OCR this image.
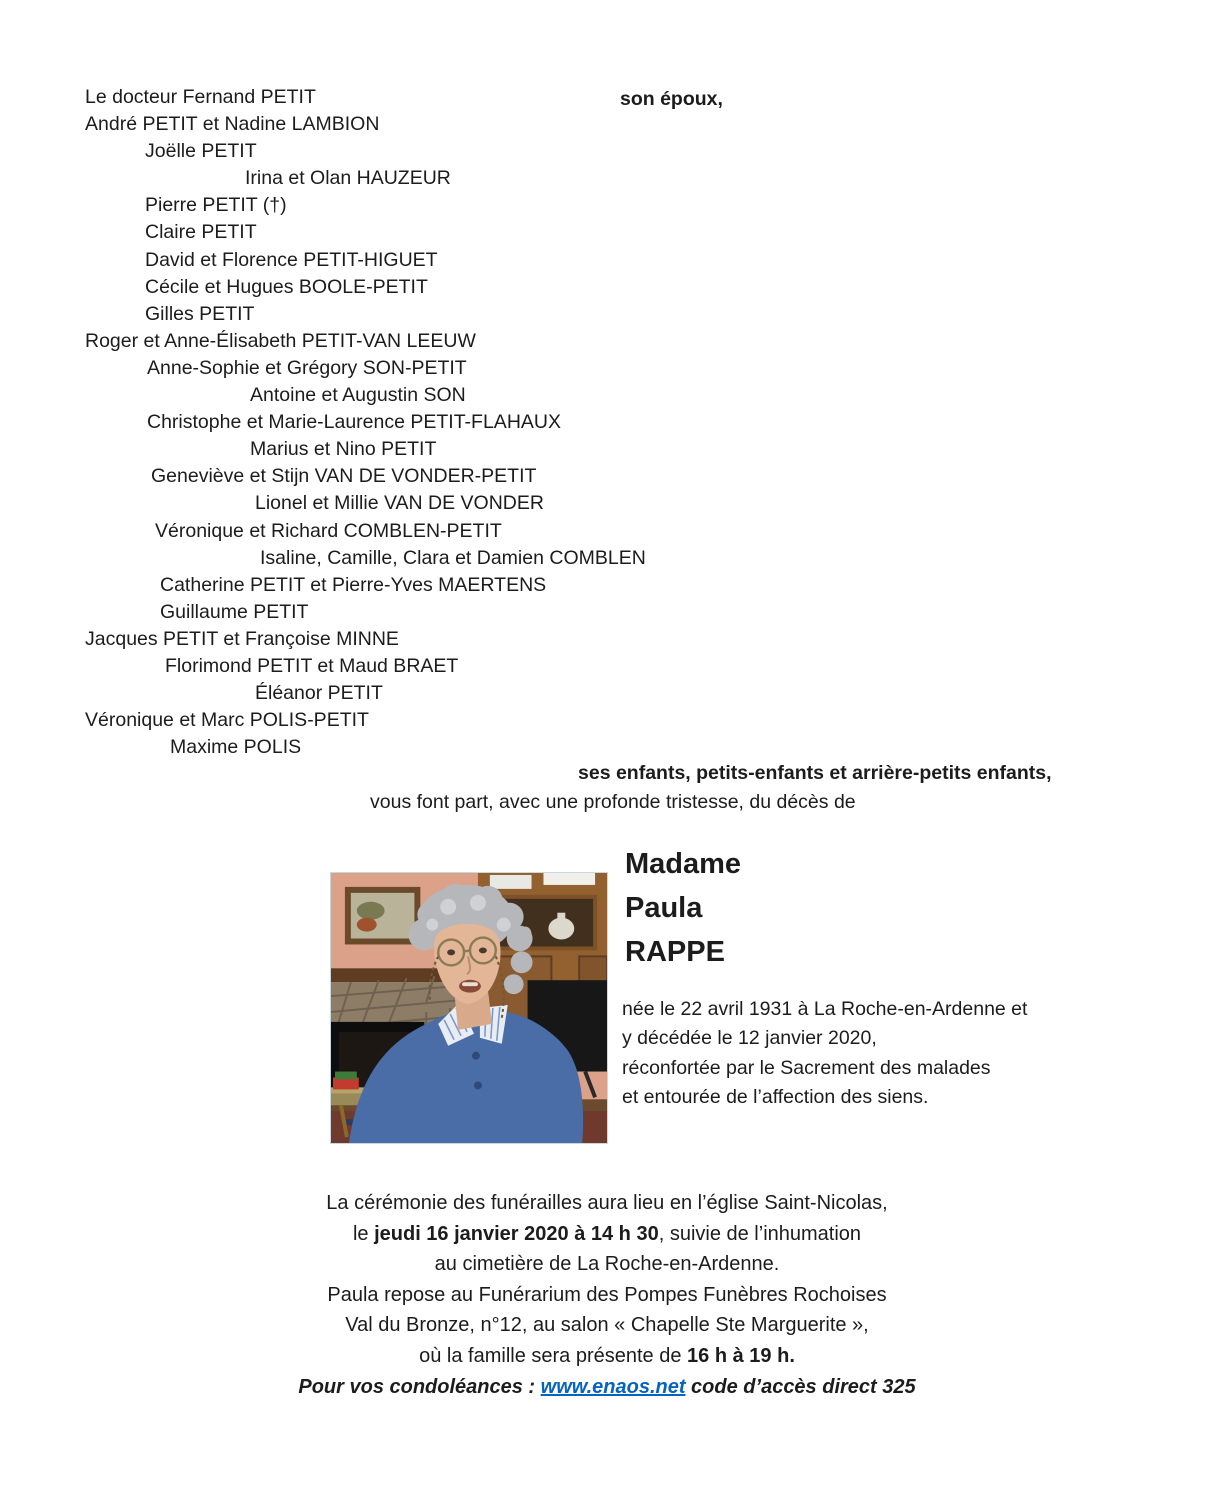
Le docteur Fernand PETIT
André PETIT et Nadine LAMBION
Joëlle PETIT
Irina et Olan HAUZEUR
Pierre PETIT (†)
Claire PETIT
David et Florence PETIT-HIGUET
Cécile et Hugues BOOLE-PETIT
Gilles PETIT
Roger et Anne-Élisabeth PETIT-VAN LEEUW
Anne-Sophie et Grégory SON-PETIT
Antoine et Augustin SON
Christophe et Marie-Laurence PETIT-FLAHAUX
Marius et Nino PETIT
Geneviève et Stijn VAN DE VONDER-PETIT
Lionel et Millie VAN DE VONDER
Véronique et Richard COMBLEN-PETIT
Isaline, Camille, Clara et Damien COMBLEN
Catherine PETIT et Pierre-Yves MAERTENS
Guillaume PETIT
Jacques PETIT et Françoise MINNE
Florimond PETIT et Maud BRAET
Éléanor PETIT
Véronique et Marc POLIS-PETIT
Maxime POLIS
son époux,
ses enfants, petits-enfants et arrière-petits enfants,
vous font part, avec une profonde tristesse, du décès de
Madame
Paula
RAPPE
née le 22 avril 1931 à La Roche-en-Ardenne et
y décédée le 12 janvier 2020,
réconfortée par le Sacrement des malades
et entourée de l’affection des siens.
La cérémonie des funérailles aura lieu en l’église Saint-Nicolas,
le jeudi 16 janvier 2020 à 14 h 30, suivie de l’inhumation
au cimetière de La Roche-en-Ardenne.
Paula repose au Funérarium des Pompes Funèbres Rochoises
Val du Bronze, n°12, au salon « Chapelle Ste Marguerite »,
où la famille sera présente de 16 h à 19 h.
Pour vos condoléances : www.enaos.net code d’accès direct 325
